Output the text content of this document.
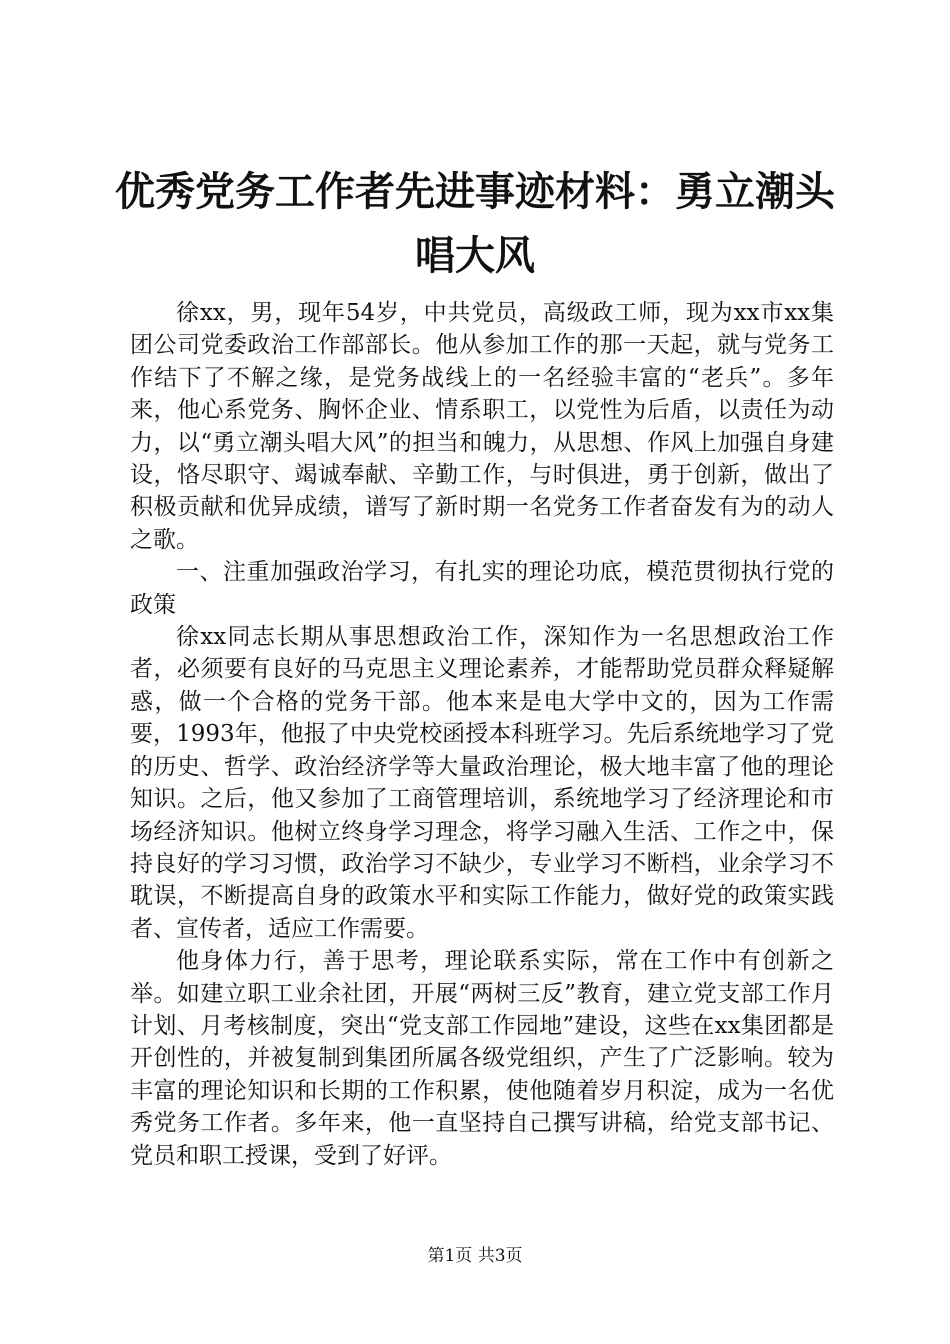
优秀党务工作者先进事迹材料：勇立潮头唱大风

徐xx，男，现年54岁，中共党员，高级政工师，现为xx市xx集团公司党委政治工作部部长。他从参加工作的那一天起，就与党务工作结下了不解之缘，是党务战线上的一名经验丰富的“老兵”。多年来，他心系党务、胸怀企业、情系职工，以党性为后盾，以责任为动力，以“勇立潮头唱大风”的担当和魄力，从思想、作风上加强自身建设，恪尽职守、竭诚奉献、辛勤工作，与时俱进，勇于创新，做出了积极贡献和优异成绩，谱写了新时期一名党务工作者奋发有为的动人之歌。

一、注重加强政治学习，有扎实的理论功底，模范贯彻执行党的政策

徐xx同志长期从事思想政治工作，深知作为一名思想政治工作者，必须要有良好的马克思主义理论素养，才能帮助党员群众释疑解惑，做一个合格的党务干部。他本来是电大学中文的，因为工作需要，1993年，他报了中央党校函授本科班学习。先后系统地学习了党的历史、哲学、政治经济学等大量政治理论，极大地丰富了他的理论知识。之后，他又参加了工商管理培训，系统地学习了经济理论和市场经济知识。他树立终身学习理念，将学习融入生活、工作之中，保持良好的学习习惯，政治学习不缺少，专业学习不断档，业余学习不耽误，不断提高自身的政策水平和实际工作能力，做好党的政策实践者、宣传者，适应工作需要。

他身体力行，善于思考，理论联系实际，常在工作中有创新之举。如建立职工业余社团，开展“两树三反”教育，建立党支部工作月计划、月考核制度，突出“党支部工作园地”建设，这些在xx集团都是开创性的，并被复制到集团所属各级党组织，产生了广泛影响。较为丰富的理论知识和长期的工作积累，使他随着岁月积淀，成为一名优秀党务工作者。多年来，他一直坚持自己撰写讲稿，给党支部书记、党员和职工授课，受到了好评。

第1页 共3页
